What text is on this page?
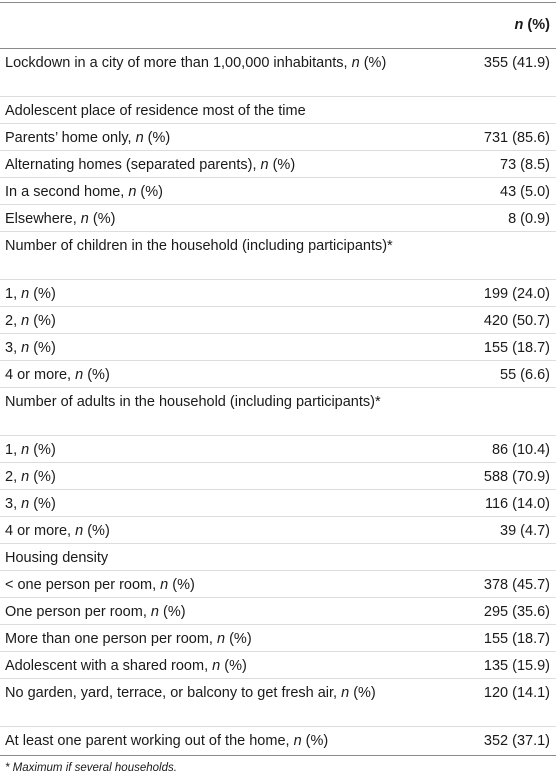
n (%)
Lockdown in a city of more than 1,00,000 inhabitants, n (%)	355 (41.9)
Adolescent place of residence most of the time
Parents’ home only, n (%)	731 (85.6)
Alternating homes (separated parents), n (%)	73 (8.5)
In a second home, n (%)	43 (5.0)
Elsewhere, n (%)	8 (0.9)
Number of children in the household (including participants)*
1, n (%)	199 (24.0)
2, n (%)	420 (50.7)
3, n (%)	155 (18.7)
4 or more, n (%)	55 (6.6)
Number of adults in the household (including participants)*
1, n (%)	86 (10.4)
2, n (%)	588 (70.9)
3, n (%)	116 (14.0)
4 or more, n (%)	39 (4.7)
Housing density
< one person per room, n (%)	378 (45.7)
One person per room, n (%)	295 (35.6)
More than one person per room, n (%)	155 (18.7)
Adolescent with a shared room, n (%)	135 (15.9)
No garden, yard, terrace, or balcony to get fresh air, n (%)	120 (14.1)
At least one parent working out of the home, n (%)	352 (37.1)
* Maximum if several households.
